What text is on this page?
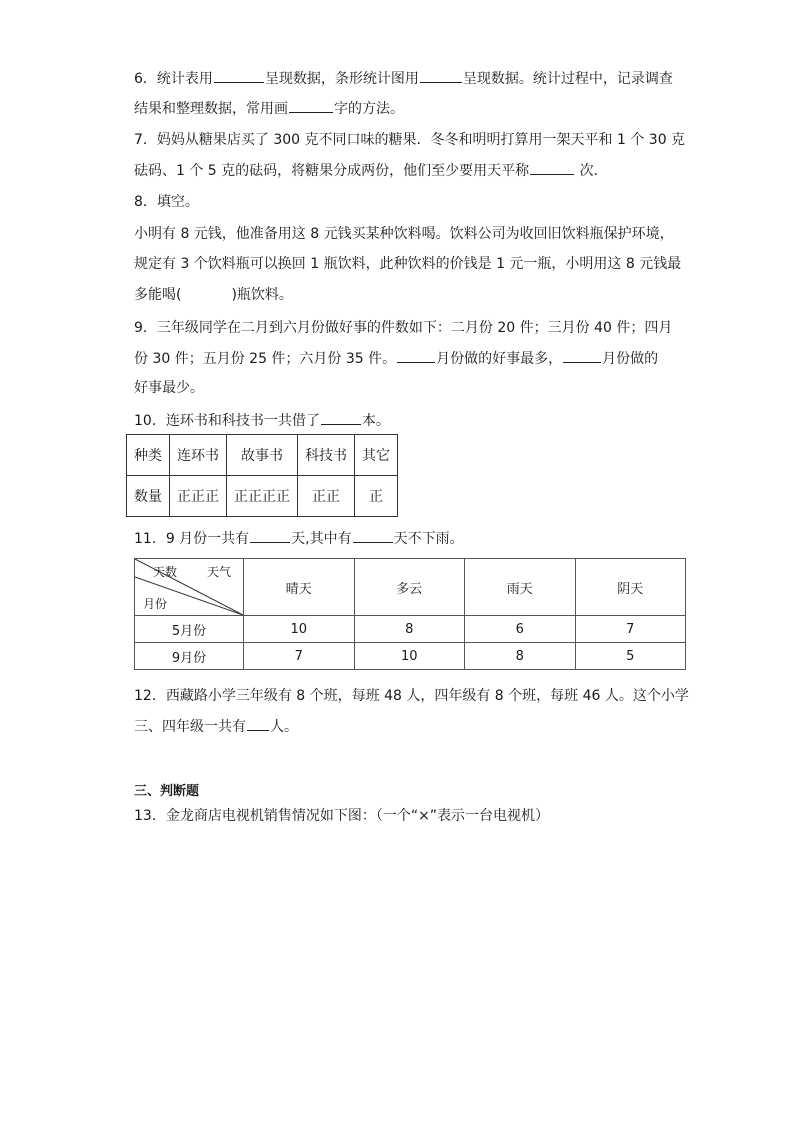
6．统计表用	呈现数据，条形统计图用	呈现数据。统计过程中，记录调查
结果和整理数据，常用画	字的方法。
7．妈妈从糖果店买了 300 克不同口味的糖果．冬冬和明明打算用一架天平和 1 个 30 克
砝码、1 个 5 克的砝码，将糖果分成两份，他们至少要用天平称	次．
8．填空。
小明有 8 元钱，他准备用这 8 元钱买某种饮料喝。饮料公司为收回旧饮料瓶保护环境，
规定有 3 个饮料瓶可以换回 1 瓶饮料，此种饮料的价钱是 1 元一瓶，小明用这 8 元钱最
多能喝(	)瓶饮料。
9．三年级同学在二月到六月份做好事的件数如下：二月份 20 件；三月份 40 件；四月
份 30 件；五月份 25 件；六月份 35 件。	月份做的好事最多，	月份做的
好事最少。
10．连环书和科技书一共借了	本。
种类	连环书	故事书	科技书	其它
数量	正正正	正正正正	正正	正
11．9 月份一共有	天,其中有	天不下雨。
天数 天气
月份	晴天	多云	雨天	阴天
5月份	10	8	6	7
9月份	7	10	8	5
12．西藏路小学三年级有 8 个班，每班 48 人，四年级有 8 个班，每班 46 人。这个小学
三、四年级一共有 人。
三、判断题
13．金龙商店电视机销售情况如下图：（一个“×”表示一台电视机）
